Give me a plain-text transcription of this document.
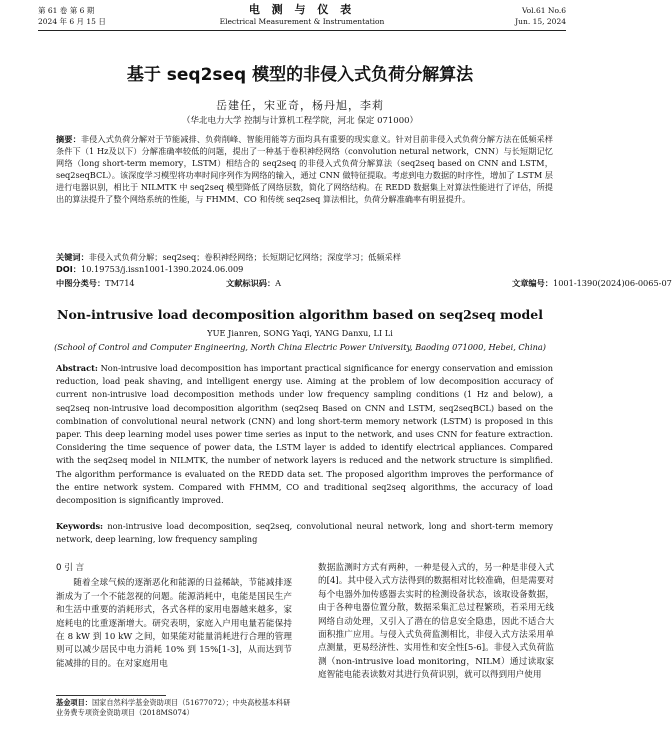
第 61 卷 第 6 期	电 测 与 仪 表	Vol.61 No.6
2024 年 6 月 15 日	Electrical Measurement & Instrumentation	Jun. 15, 2024
基于 seq2seq 模型的非侵入式负荷分解算法
岳建任，宋亚奇，杨丹旭，李莉
（华北电力大学 控制与计算机工程学院，河北 保定 071000）
摘要：非侵入式负荷分解对于节能减排、负荷削峰、智能用能等方面均具有重要的现实意义。针对目前非侵入式负荷分解方法在低频采样条件下（1 Hz及以下）分解准确率较低的问题，提出了一种基于卷积神经网络（convolution netural network，CNN）与长短期记忆网络（long short-term memory，LSTM）相结合的 seq2seq 的非侵入式负荷分解算法（seq2seq based on CNN and LSTM，seq2seqBCL）。该深度学习模型将功率时间序列作为网络的输入，通过 CNN 做特征提取。考虑到电力数据的时序性，增加了 LSTM 层进行电器识别，相比于 NILMTK 中 seq2seq 模型降低了网络层数，简化了网络结构。在 REDD 数据集上对算法性能进行了评估，所提出的算法提升了整个网络系统的性能，与 FHMM、CO 和传统 seq2seq 算法相比，负荷分解准确率有明显提升。
关键词：非侵入式负荷分解；seq2seq；卷积神经网络；长短期记忆网络；深度学习；低频采样
DOI：10.19753/j.issn1001-1390.2024.06.009
中图分类号： TM714	文献标识码： A	文章编号： 1001-1390(2024)06-0065-07
Non-intrusive load decomposition algorithm based on seq2seq model
YUE Jianren, SONG Yaqi, YANG Danxu, LI Li
(School of Control and Computer Engineering, North China Electric Power University, Baoding 071000, Hebei, China)
Abstract: Non-intrusive load decomposition has important practical significance for energy conservation and emission reduction, load peak shaving, and intelligent energy use. Aiming at the problem of low decomposition accuracy of current non-intrusive load decomposition methods under low frequency sampling conditions (1 Hz and below), a seq2seq non-intrusive load decomposition algorithm (seq2seq Based on CNN and LSTM, seq2seqBCL) based on the combination of convolutional neural network (CNN) and long short-term memory network (LSTM) is proposed in this paper. This deep learning model uses power time series as input to the network, and uses CNN for feature extraction. Considering the time sequence of power data, the LSTM layer is added to identify electrical appliances. Compared with the seq2seq model in NILMTK, the number of network layers is reduced and the network structure is simplified. The algorithm performance is evaluated on the REDD data set. The proposed algorithm improves the performance of the entire network system. Compared with FHMM, CO and traditional seq2seq algorithms, the accuracy of load decomposition is significantly improved.
Keywords: non-intrusive load decomposition, seq2seq, convolutional neural network, long and short-term memory network, deep learning, low frequency sampling
0 引 言
随着全球气候的逐渐恶化和能源的日益稀缺，节能减排逐渐成为了一个不能忽视的问题。能源消耗中，电能是国民生产和生活中重要的消耗形式，各式各样的家用电器越来越多，家庭耗电的比重逐渐增大。研究表明，家庭入户用电量若能保持在 8 kW 到 10 kW 之间，如果能对能量消耗进行合理的管理则可以减少居民中电力消耗 10% 到 15%[1-3]，从而达到节能减排的目的。在对家庭用电
数据监测时方式有两种，一种是侵入式的，另一种是非侵入式的[4]。其中侵入式方法得到的数据相对比较准确，但是需要对每个电器外加传感器去实时的检测设备状态，该取设备数据，由于各种电器位置分散，数据采集汇总过程繁琐，若采用无线网络自动处理，又引入了潜在的信息安全隐患，因此不适合大面积推广应用。与侵入式负荷监测相比，非侵入式方法采用单点测量，更易经济性、实用性和安全性[5-6]。非侵入式负荷监测（non-intrusive load monitoring，NILM）通过读取家庭智能电能表读数对其进行负荷识别，就可以得到用户使用
基金项目：国家自然科学基金资助项目（51677072）；中央高校基本科研业务费专项资金资助项目（2018MS074）
